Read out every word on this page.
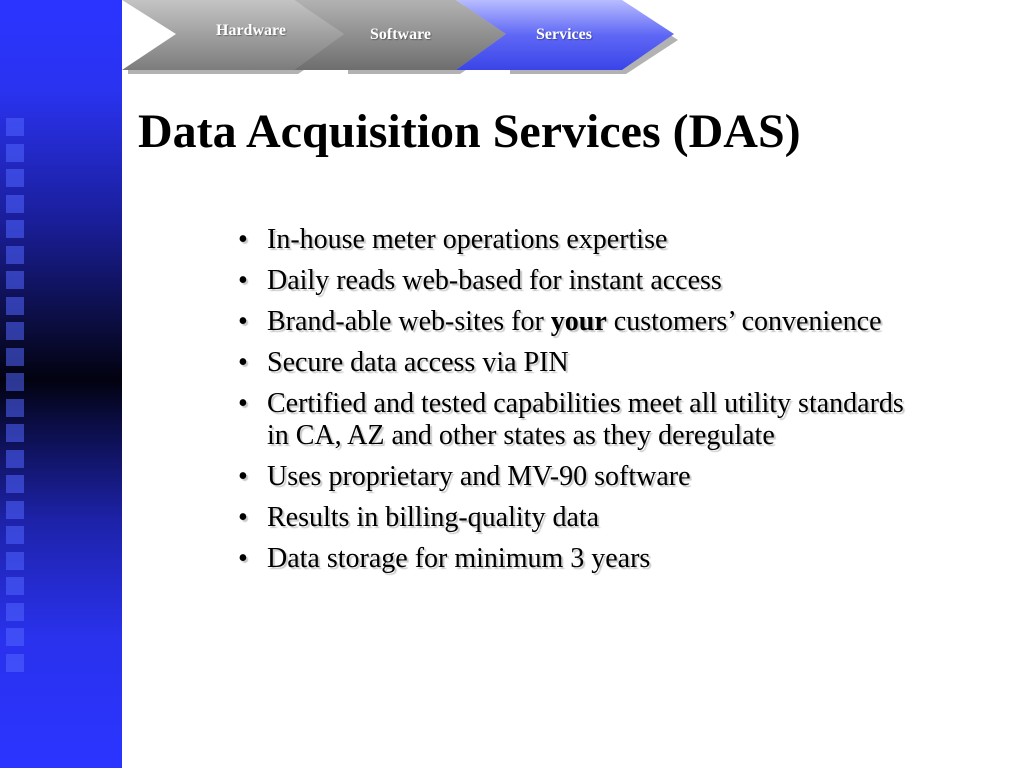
Hardware	Software	Services
Data Acquisition Services (DAS)
• In-house meter operations expertise
• Daily reads web-based for instant access
• Brand-able web-sites for your customers’ convenience
• Secure data access via PIN
• Certified and tested capabilities meet all utility standards in CA, AZ and other states as they deregulate
• Uses proprietary and MV-90 software
• Results in billing-quality data
• Data storage for minimum 3 years
